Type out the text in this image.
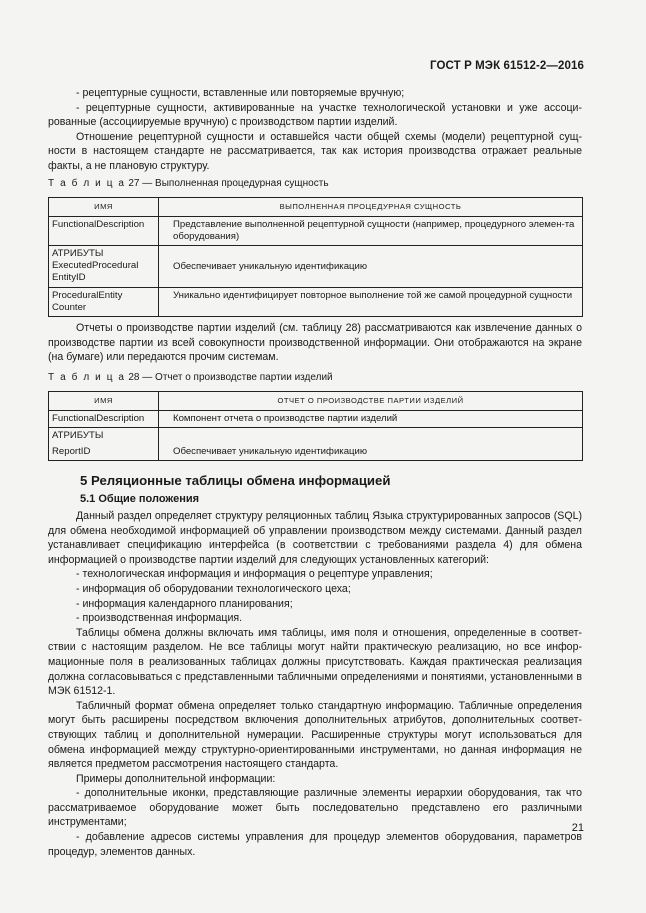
ГОСТ Р МЭК 61512-2—2016

- рецептурные сущности, вставленные или повторяемые вручную;

- рецептурные сущности, активированные на участке технологической установки и уже ассоци-рованные (ассоциируемые вручную) с производством партии изделий.

Отношение рецептурной сущности и оставшейся части общей схемы (модели) рецептурной сущ-ности в настоящем стандарте не рассматривается, так как история производства отражает реальные факты, а не плановую структуру.

Т а б л и ц а 27 — Выполненная процедурная сущность
ИМЯ	ВЫПОЛНЕННАЯ ПРОЦЕДУРНАЯ СУЩНОСТЬ
FunctionalDescription	Представление выполненной рецептурной сущности (например, процедурного элемен-та оборудования)
АТРИБУТЫ
ExecutedProcedural
EntityID	Обеспечивает уникальную идентификацию
ProceduralEntity
Counter	Уникально идентифицирует повторное выполнение той же самой процедурной сущности

Отчеты о производстве партии изделий (см. таблицу 28) рассматриваются как извлечение данных о производстве партии из всей совокупности производственной информации. Они отображаются на экране (на бумаге) или передаются прочим системам.

Т а б л и ц а 28 — Отчет о производстве партии изделий
ИМЯ	ОТЧЕТ О ПРОИЗВОДСТВЕ ПАРТИИ ИЗДЕЛИЙ
FunctionalDescription	Компонент отчета о производстве партии изделий
АТРИБУТЫ	
ReportID	Обеспечивает уникальную идентификацию
5 Реляционные таблицы обмена информацией
5.1 Общие положения

Данный раздел определяет структуру реляционных таблиц Языка структурированных запросов (SQL) для обмена необходимой информацией об управлении производством между системами. Данный раздел устанавливает спецификацию интерфейса (в соответствии с требованиями раздела 4) для обмена информацией о производстве партии изделий для следующих установленных категорий:

- технологическая информация и информация о рецептуре управления;

- информация об оборудовании технологического цеха;

- информация календарного планирования;

- производственная информация.

Таблицы обмена должны включать имя таблицы, имя поля и отношения, определенные в соответ-ствии с настоящим разделом. Не все таблицы могут найти практическую реализацию, но все инфор-мационные поля в реализованных таблицах должны присутствовать. Каждая практическая реализация должна согласовываться с представленными табличными определениями и понятиями, установленными в МЭК 61512-1.

Табличный формат обмена определяет только стандартную информацию. Табличные определения могут быть расширены посредством включения дополнительных атрибутов, дополнительных соответ-ствующих таблиц и дополнительной нумерации. Расширенные структуры могут использоваться для обмена информацией между структурно-ориентированными инструментами, но данная информация не является предметом рассмотрения настоящего стандарта.

Примеры дополнительной информации:

- дополнительные иконки, представляющие различные элементы иерархии оборудования, так что рассматриваемое оборудование может быть последовательно представлено его различными инструментами;

- добавление адресов системы управления для процедур элементов оборудования, параметров процедур, элементов данных.

21
